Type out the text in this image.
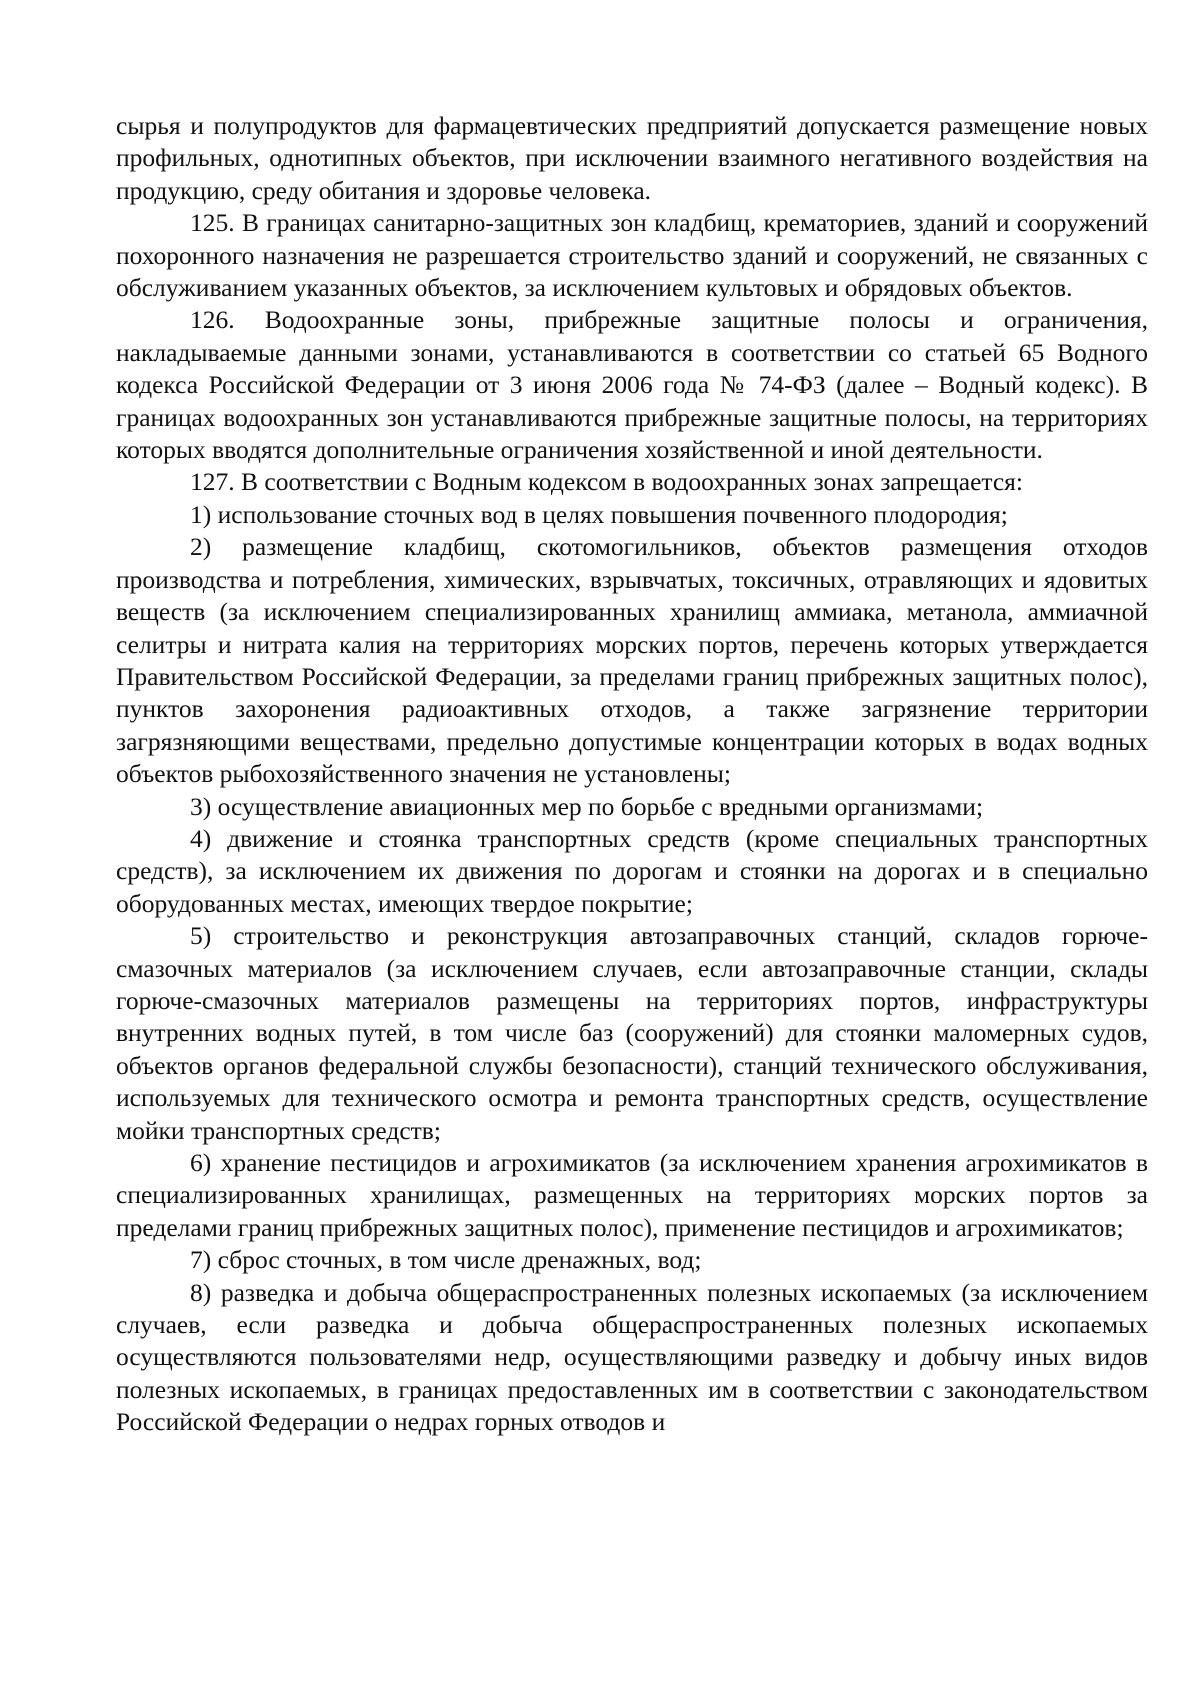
сырья и полупродуктов для фармацевтических предприятий допускается размещение новых профильных, однотипных объектов, при исключении взаимного негативного воздействия на продукцию, среду обитания и здоровье человека.

125. В границах санитарно-защитных зон кладбищ, крематориев, зданий и сооружений похоронного назначения не разрешается строительство зданий и сооружений, не связанных с обслуживанием указанных объектов, за исключением культовых и обрядовых объектов.

126. Водоохранные зоны, прибрежные защитные полосы и ограничения, накладываемые данными зонами, устанавливаются в соответствии со статьей 65 Водного кодекса Российской Федерации от 3 июня 2006 года № 74-ФЗ (далее – Водный кодекс). В границах водоохранных зон устанавливаются прибрежные защитные полосы, на территориях которых вводятся дополнительные ограничения хозяйственной и иной деятельности.

127. В соответствии с Водным кодексом в водоохранных зонах запрещается:

1) использование сточных вод в целях повышения почвенного плодородия;

2) размещение кладбищ, скотомогильников, объектов размещения отходов производства и потребления, химических, взрывчатых, токсичных, отравляющих и ядовитых веществ (за исключением специализированных хранилищ аммиака, метанола, аммиачной селитры и нитрата калия на территориях морских портов, перечень которых утверждается Правительством Российской Федерации, за пределами границ прибрежных защитных полос), пунктов захоронения радиоактивных отходов, а также загрязнение территории загрязняющими веществами, предельно допустимые концентрации которых в водах водных объектов рыбохозяйственного значения не установлены;

3) осуществление авиационных мер по борьбе с вредными организмами;

4) движение и стоянка транспортных средств (кроме специальных транспортных средств), за исключением их движения по дорогам и стоянки на дорогах и в специально оборудованных местах, имеющих твердое покрытие;

5) строительство и реконструкция автозаправочных станций, складов горюче-смазочных материалов (за исключением случаев, если автозаправочные станции, склады горюче-смазочных материалов размещены на территориях портов, инфраструктуры внутренних водных путей, в том числе баз (сооружений) для стоянки маломерных судов, объектов органов федеральной службы безопасности), станций технического обслуживания, используемых для технического осмотра и ремонта транспортных средств, осуществление мойки транспортных средств;

6) хранение пестицидов и агрохимикатов (за исключением хранения агрохимикатов в специализированных хранилищах, размещенных на территориях морских портов за пределами границ прибрежных защитных полос), применение пестицидов и агрохимикатов;

7) сброс сточных, в том числе дренажных, вод;

8) разведка и добыча общераспространенных полезных ископаемых (за исключением случаев, если разведка и добыча общераспространенных полезных ископаемых осуществляются пользователями недр, осуществляющими разведку и добычу иных видов полезных ископаемых, в границах предоставленных им в соответствии с законодательством Российской Федерации о недрах горных отводов и
